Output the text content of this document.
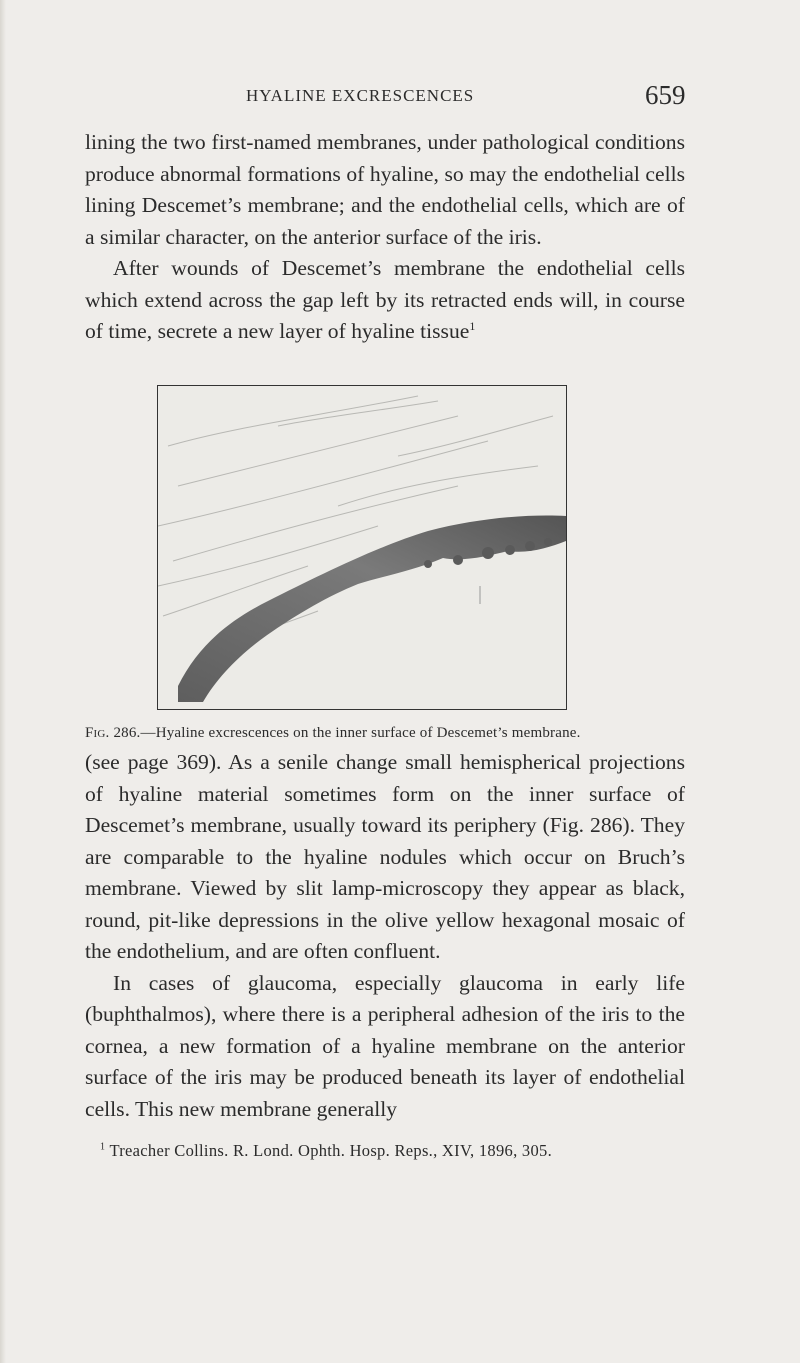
HYALINE EXCRESCENCES	659

lining the two first-named membranes, under pathological conditions produce abnormal formations of hyaline, so may the endothelial cells lining Descemet’s membrane; and the endothelial cells, which are of a similar character, on the anterior surface of the iris.

After wounds of Descemet’s membrane the endothelial cells which extend across the gap left by its retracted ends will, in course of time, secrete a new layer of hyaline tissue$^1$

Fig. 286.—Hyaline excrescences on the inner surface of Descemet’s membrane.

(see page 369). As a senile change small hemispherical projections of hyaline material sometimes form on the inner surface of Descemet’s membrane, usually toward its periphery (Fig. 286). They are comparable to the hyaline nodules which occur on Bruch’s membrane. Viewed by slit lamp-microscopy they appear as black, round, pit-like depressions in the olive yellow hexagonal mosaic of the endothelium, and are often confluent.

In cases of glaucoma, especially glaucoma in early life (buphthalmos), where there is a peripheral adhesion of the iris to the cornea, a new formation of a hyaline membrane on the anterior surface of the iris may be produced beneath its layer of endothelial cells. This new membrane generally

$^1$ Treacher Collins. R. Lond. Ophth. Hosp. Reps., XIV, 1896, 305.
